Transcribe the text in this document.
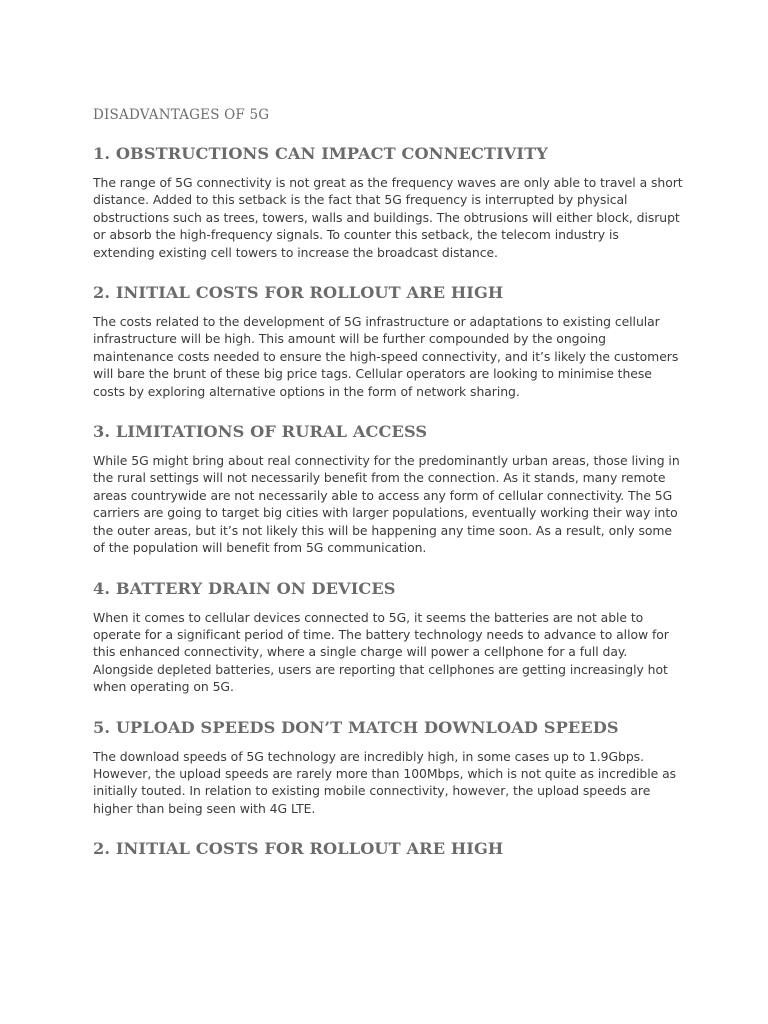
DISADVANTAGES OF 5G
1. OBSTRUCTIONS CAN IMPACT CONNECTIVITY

The range of 5G connectivity is not great as the frequency waves are only able to travel a short distance. Added to this setback is the fact that 5G frequency is interrupted by physical obstructions such as trees, towers, walls and buildings. The obtrusions will either block, disrupt or absorb the high-frequency signals. To counter this setback, the telecom industry is extending existing cell towers to increase the broadcast distance.

2. INITIAL COSTS FOR ROLLOUT ARE HIGH

The costs related to the development of 5G infrastructure or adaptations to existing cellular infrastructure will be high. This amount will be further compounded by the ongoing maintenance costs needed to ensure the high-speed connectivity, and it’s likely the customers will bare the brunt of these big price tags. Cellular operators are looking to minimise these costs by exploring alternative options in the form of network sharing.

3. LIMITATIONS OF RURAL ACCESS

While 5G might bring about real connectivity for the predominantly urban areas, those living in the rural settings will not necessarily benefit from the connection. As it stands, many remote areas countrywide are not necessarily able to access any form of cellular connectivity. The 5G carriers are going to target big cities with larger populations, eventually working their way into the outer areas, but it’s not likely this will be happening any time soon. As a result, only some of the population will benefit from 5G communication.

4. BATTERY DRAIN ON DEVICES

When it comes to cellular devices connected to 5G, it seems the batteries are not able to operate for a significant period of time. The battery technology needs to advance to allow for this enhanced connectivity, where a single charge will power a cellphone for a full day. Alongside depleted batteries, users are reporting that cellphones are getting increasingly hot when operating on 5G.

5. UPLOAD SPEEDS DON’T MATCH DOWNLOAD SPEEDS

The download speeds of 5G technology are incredibly high, in some cases up to 1.9Gbps. However, the upload speeds are rarely more than 100Mbps, which is not quite as incredible as initially touted. In relation to existing mobile connectivity, however, the upload speeds are higher than being seen with 4G LTE.

2. INITIAL COSTS FOR ROLLOUT ARE HIGH
